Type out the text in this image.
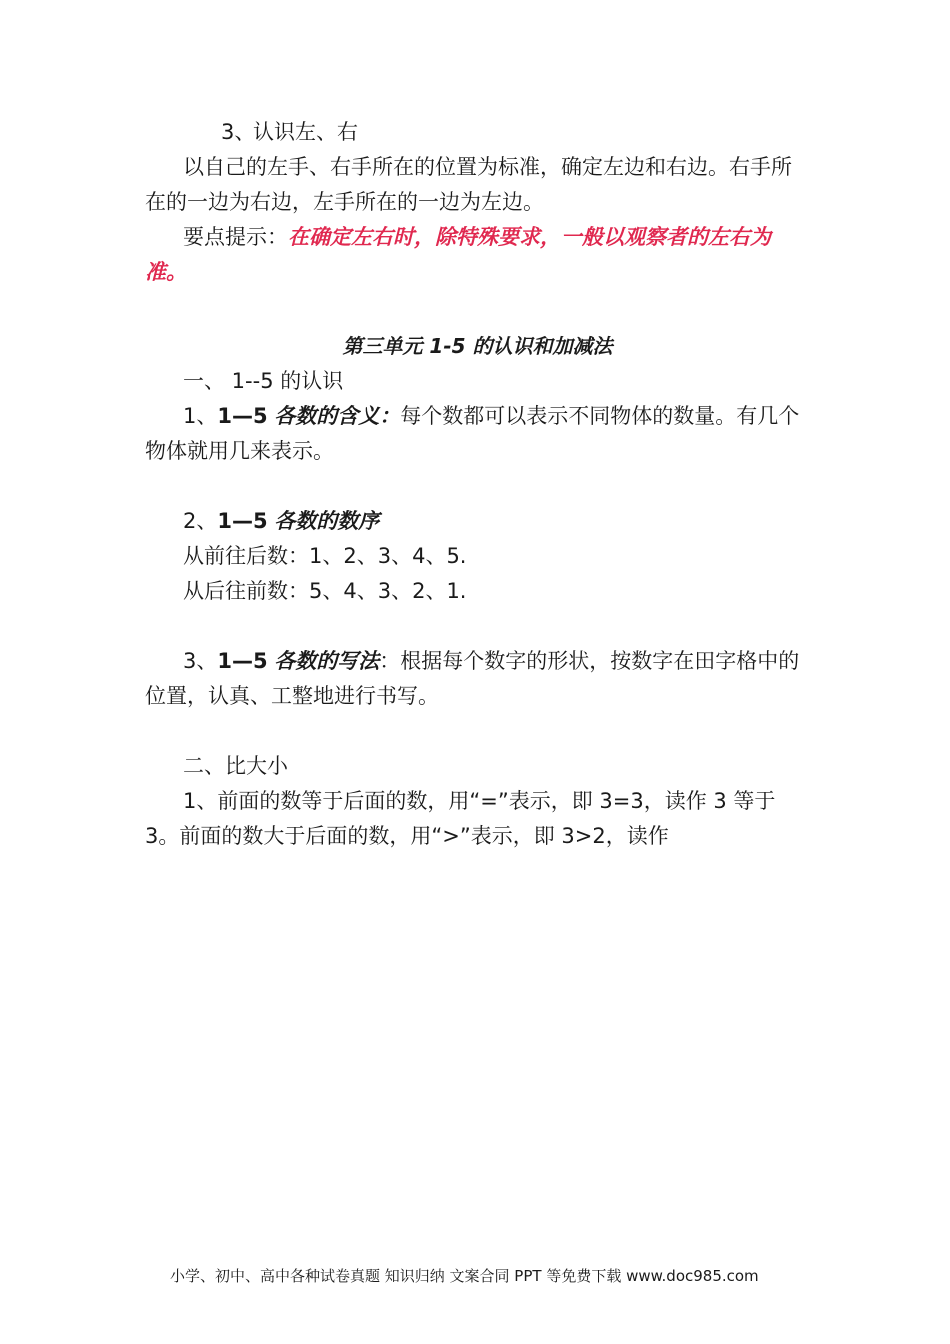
3、认识左、右

以自己的左手、右手所在的位置为标准，确定左边和右边。右手所在的一边为右边，左手所在的一边为左边。

要点提示：在确定左右时，除特殊要求，一般以观察者的左右为准。

第三单元 1-5 的认识和加减法

一、 1--5 的认识

1、1—5 各数的含义：每个数都可以表示不同物体的数量。有几个物体就用几来表示。

2、1—5 各数的数序

从前往后数：1、2、3、4、5.

从后往前数：5、4、3、2、1.

3、1—5 各数的写法：根据每个数字的形状，按数字在田字格中的位置，认真、工整地进行书写。

二、比大小

1、前面的数等于后面的数，用“=”表示，即 3=3，读作 3 等于 3。前面的数大于后面的数，用“>”表示，即 3>2，读作

小学、初中、高中各种试卷真题 知识归纳 文案合同 PPT 等免费下载 www.doc985.com
